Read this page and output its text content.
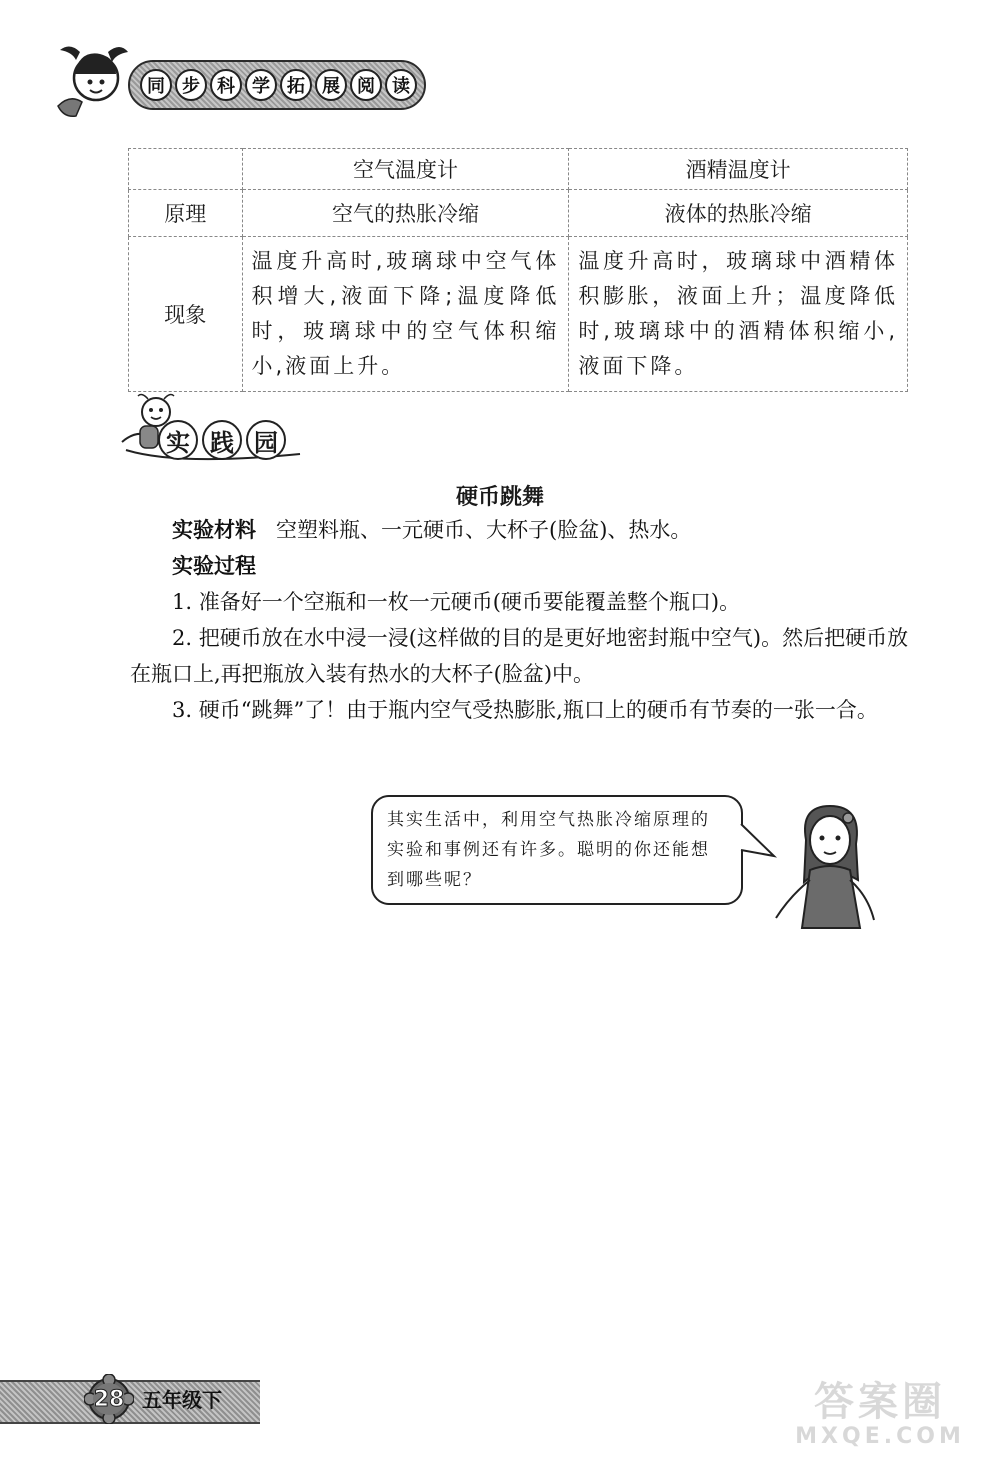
同 步 科 学 拓 展 阅 读
	空气温度计	酒精温度计
原理	空气的热胀冷缩	液体的热胀冷缩
现象	温度升高时,玻璃球中空气体积增大,液面下降;温度降低时，玻璃球中的空气体积缩小,液面上升。	温度升高时，玻璃球中酒精体积膨胀，液面上升；温度降低时,玻璃球中的酒精体积缩小,液面下降。
实 践 园
硬币跳舞

实验材料 空塑料瓶、一元硬币、大杯子(脸盆)、热水。

实验过程

1. 准备好一个空瓶和一枚一元硬币(硬币要能覆盖整个瓶口)。

2. 把硬币放在水中浸一浸(这样做的目的是更好地密封瓶中空气)。然后把硬币放在瓶口上,再把瓶放入装有热水的大杯子(脸盆)中。

3. 硬币“跳舞”了！由于瓶内空气受热膨胀,瓶口上的硬币有节奏的一张一合。

其实生活中，利用空气热胀冷缩原理的实验和事例还有许多。聪明的你还能想到哪些呢？
28 五年级下	答案圈
MXQE.COM
